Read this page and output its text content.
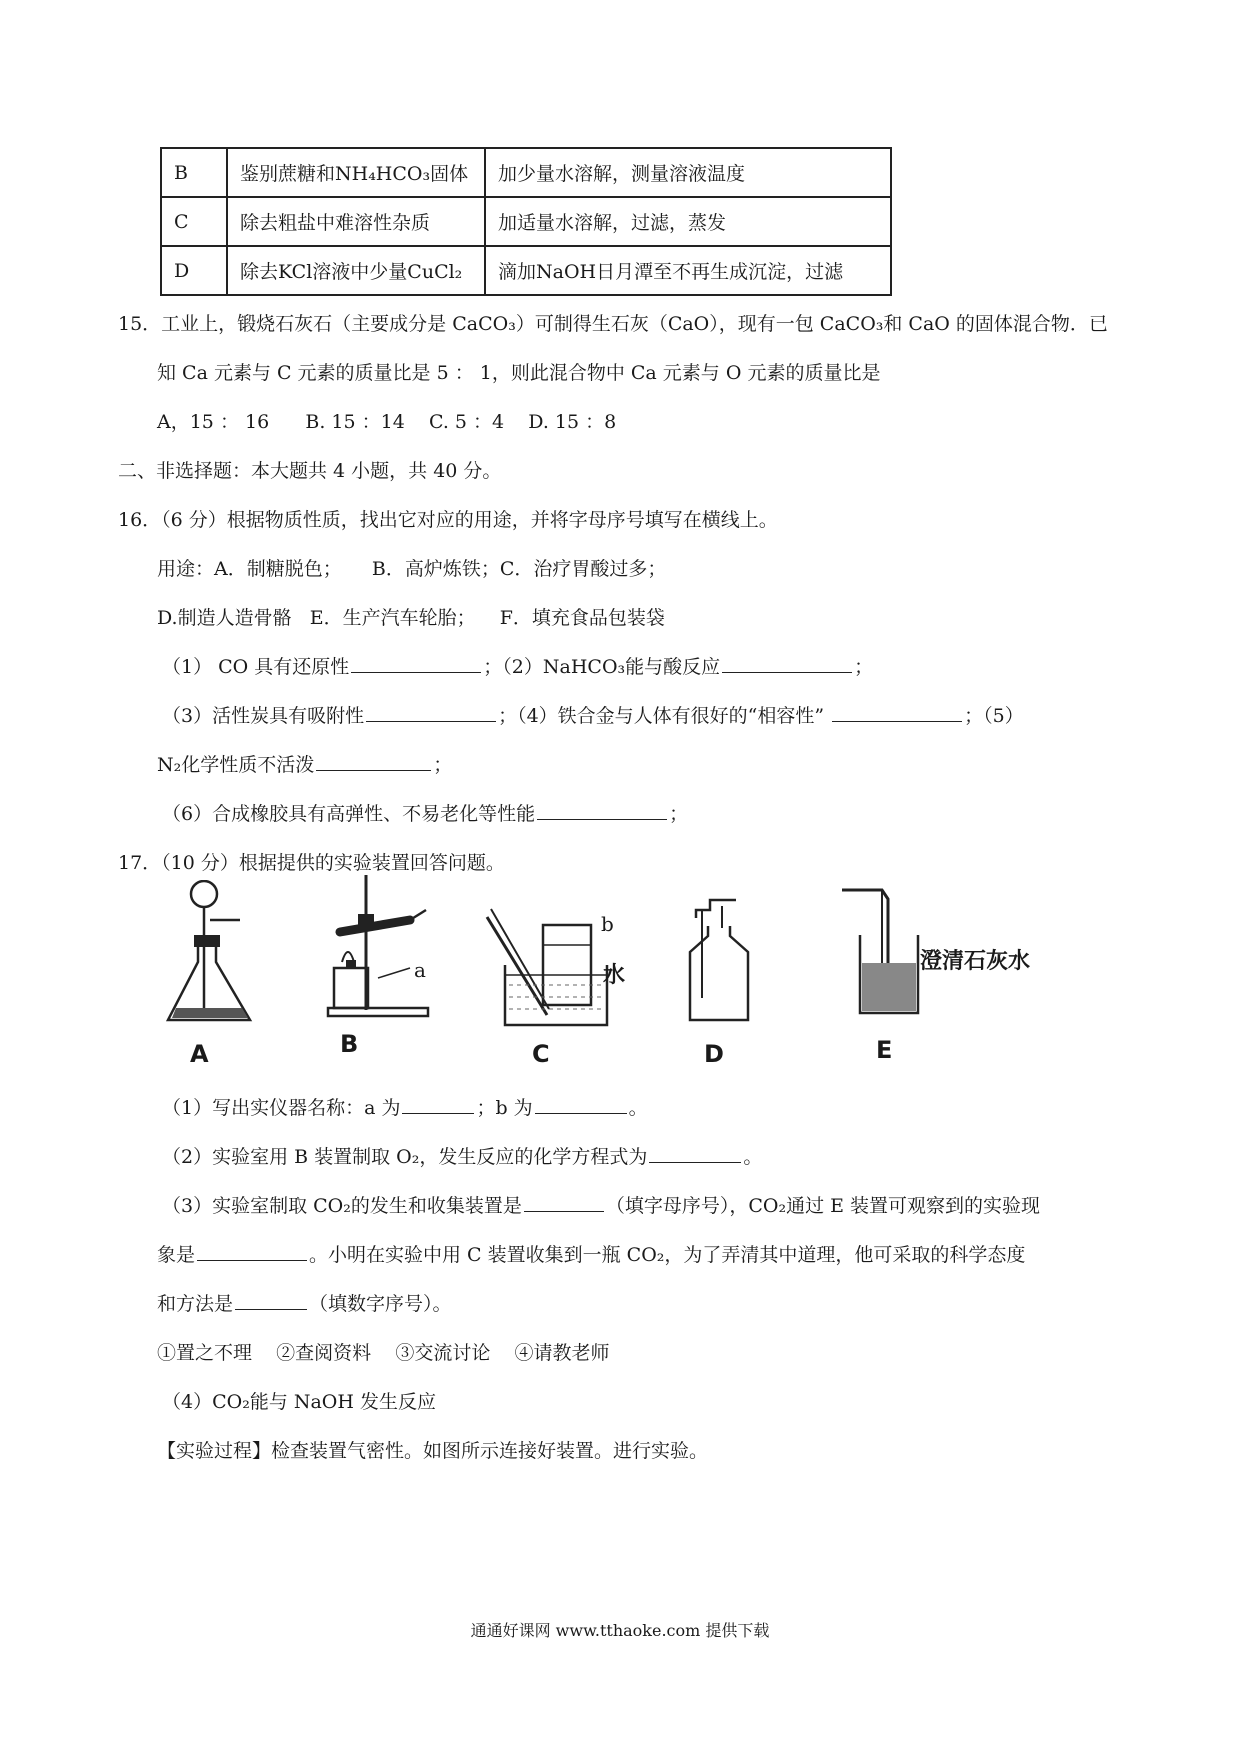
B	鉴别蔗糖和NH₄HCO₃固体	加少量水溶解，测量溶液温度
C	除去粗盐中难溶性杂质	加适量水溶解，过滤，蒸发
D	除去KCl溶液中少量CuCl₂	滴加NaOH日月潭至不再生成沉淀，过滤
15．工业上，锻烧石灰石（主要成分是 CaCO₃）可制得生石灰（CaO），现有一包 CaCO₃和 CaO 的固体混合物．已
知 Ca 元素与 C 元素的质量比是 5 ： 1，则此混合物中 Ca 元素与 O 元素的质量比是
A，15 ： 16      B. 15 ：14    C. 5 ：4    D. 15 ：8
二、非选择题：本大题共 4 小题，共 40 分。
16．（6 分）根据物质性质，找出它对应的用途，并将字母序号填写在横线上。
用途：A．制糖脱色；     B．高炉炼铁；C．治疗胃酸过多；
D.制造人造骨骼   E．生产汽车轮胎；    F．填充食品包装袋
（1） CO 具有还原性	；（2）NaHCO₃能与酸反应	；
（3）活性炭具有吸附性	；（4）铁合金与人体有很好的“相容性”	；（5）
N₂化学性质不活泼	；
（6）合成橡胶具有高弹性、不易老化等性能	；
17．（10 分）根据提供的实验装置回答问题。
A
a
B
b
水
C	D
澄清石灰水
E
（1）写出实仪器名称：a 为	；b 为	。
（2）实验室用 B 装置制取 O₂，发生反应的化学方程式为	。
（3）实验室制取 CO₂的发生和收集装置是	（填字母序号），CO₂通过 E 装置可观察到的实验现
象是	。小明在实验中用 C 装置收集到一瓶 CO₂，为了弄清其中道理，他可采取的科学态度
和方法是	（填数字序号）。
①置之不理    ②查阅资料    ③交流讨论    ④请教老师
（4）CO₂能与 NaOH 发生反应
【实验过程】检查装置气密性。如图所示连接好装置。进行实验。
通通好课网 www.tthaoke.com 提供下载
